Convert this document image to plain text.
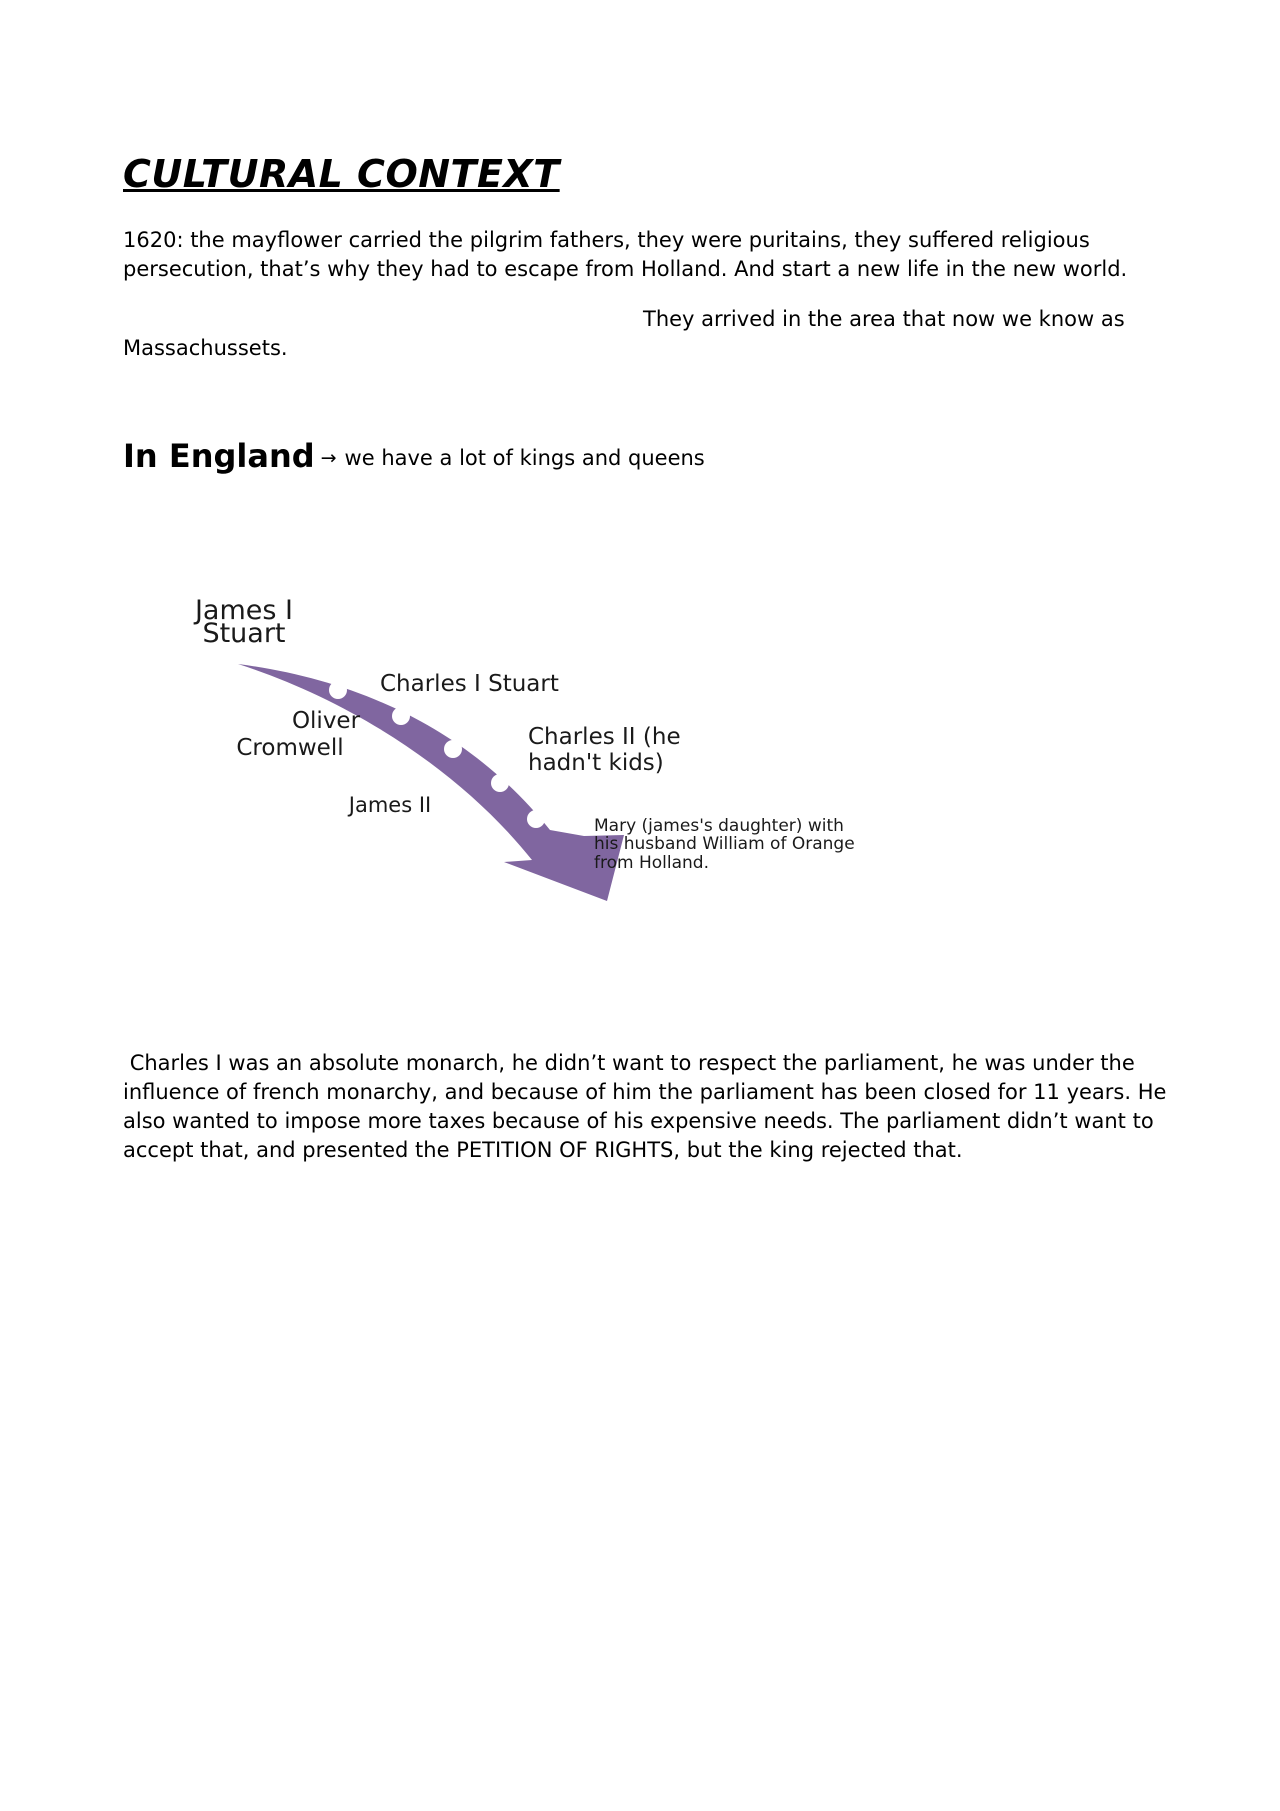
CULTURAL CONTEXT

1620: the mayflower carried the pilgrim fathers, they were puritains, they suffered religious persecution, that’s why they had to escape from Holland. And start a new life in the new world.

They arrived in the area that now we know as Massachussets.

In England → we have a lot of kings and queens

James I
Stuart
Charles I Stuart
Oliver
Cromwell	Charles II (he
hadn't kids)
James II
Mary (james's daughter) with
his husband William of Orange
from Holland.

Charles I was an absolute monarch, he didn’t want to respect the parliament, he was under the influence of french monarchy, and because of him the parliament has been closed for 11 years. He also wanted to impose more taxes because of his expensive needs. The parliament didn’t want to accept that, and presented the PETITION OF RIGHTS, but the king rejected that.
